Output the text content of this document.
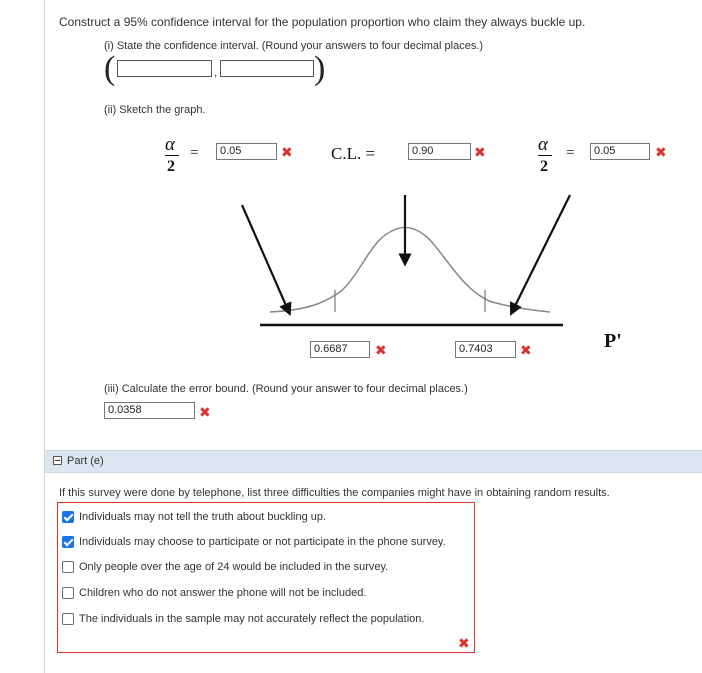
Construct a 95% confidence interval for the population proportion who claim they always buckle up.
(i) State the confidence interval. (Round your answers to four decimal places.)
(	,	)
(ii) Sketch the graph.
α
2
=	0.05	✖ C.L. =	0.90	✖	α
2
=	0.05	✖
0.6687	✖	0.7403	✖	P'
(iii) Calculate the error bound. (Round your answer to four decimal places.)
0.0358	✖
Part (e)
If this survey were done by telephone, list three difficulties the companies might have in obtaining random results.
Individuals may not tell the truth about buckling up.
Individuals may choose to participate or not participate in the phone survey.
Only people over the age of 24 would be included in the survey.
Children who do not answer the phone will not be included.
The individuals in the sample may not accurately reflect the population.
✖
